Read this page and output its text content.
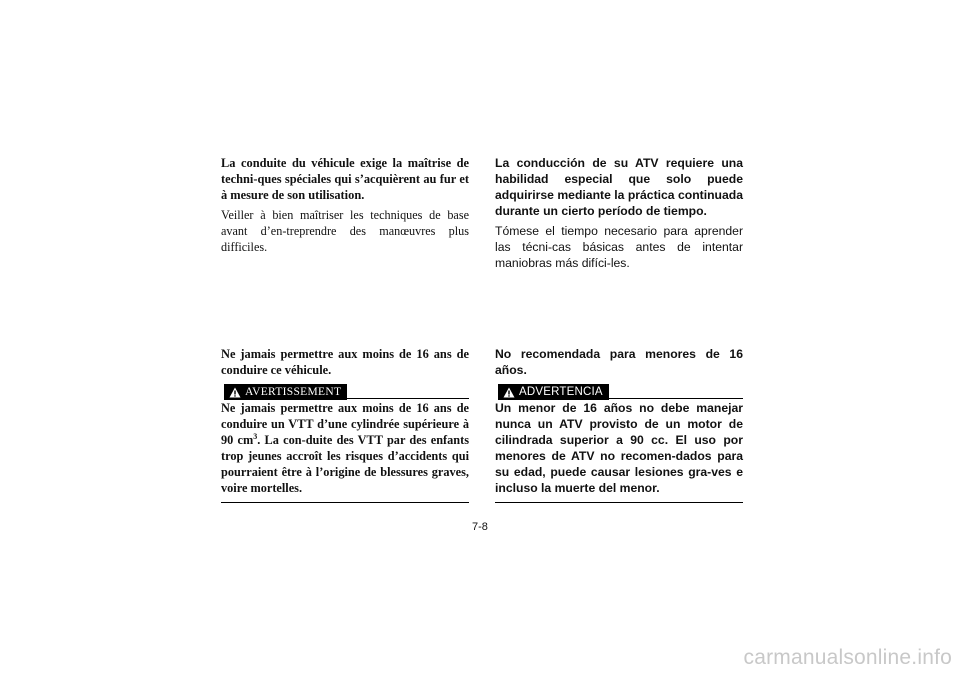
La conduite du véhicule exige la maîtrise de techni-ques spéciales qui s’acquièrent au fur et à mesure de son utilisation.

Veiller à bien maîtriser les techniques de base avant d’en-treprendre des manœuvres plus difficiles.

La conducción de su ATV requiere una habilidad especial que solo puede adquirirse mediante la práctica continuada durante un cierto período de tiempo.

Tómese el tiempo necesario para aprender las técni-cas básicas antes de intentar maniobras más difíci-les.

Ne jamais permettre aux moins de 16 ans de conduire ce véhicule.

AVERTISSEMENT

Ne jamais permettre aux moins de 16 ans de conduire un VTT d’une cylindrée supérieure à 90 $cm^3$. La con-duite des VTT par des enfants trop jeunes accroît les risques d’accidents qui pourraient être à l’origine de blessures graves, voire mortelles.

No recomendada para menores de 16 años.

ADVERTENCIA

Un menor de 16 años no debe manejar nunca un ATV provisto de un motor de cilindrada superior a 90 cc. El uso por menores de ATV no recomen-dados para su edad, puede causar lesiones gra-ves e incluso la muerte del menor.

7-8
carmanualsonline.info
